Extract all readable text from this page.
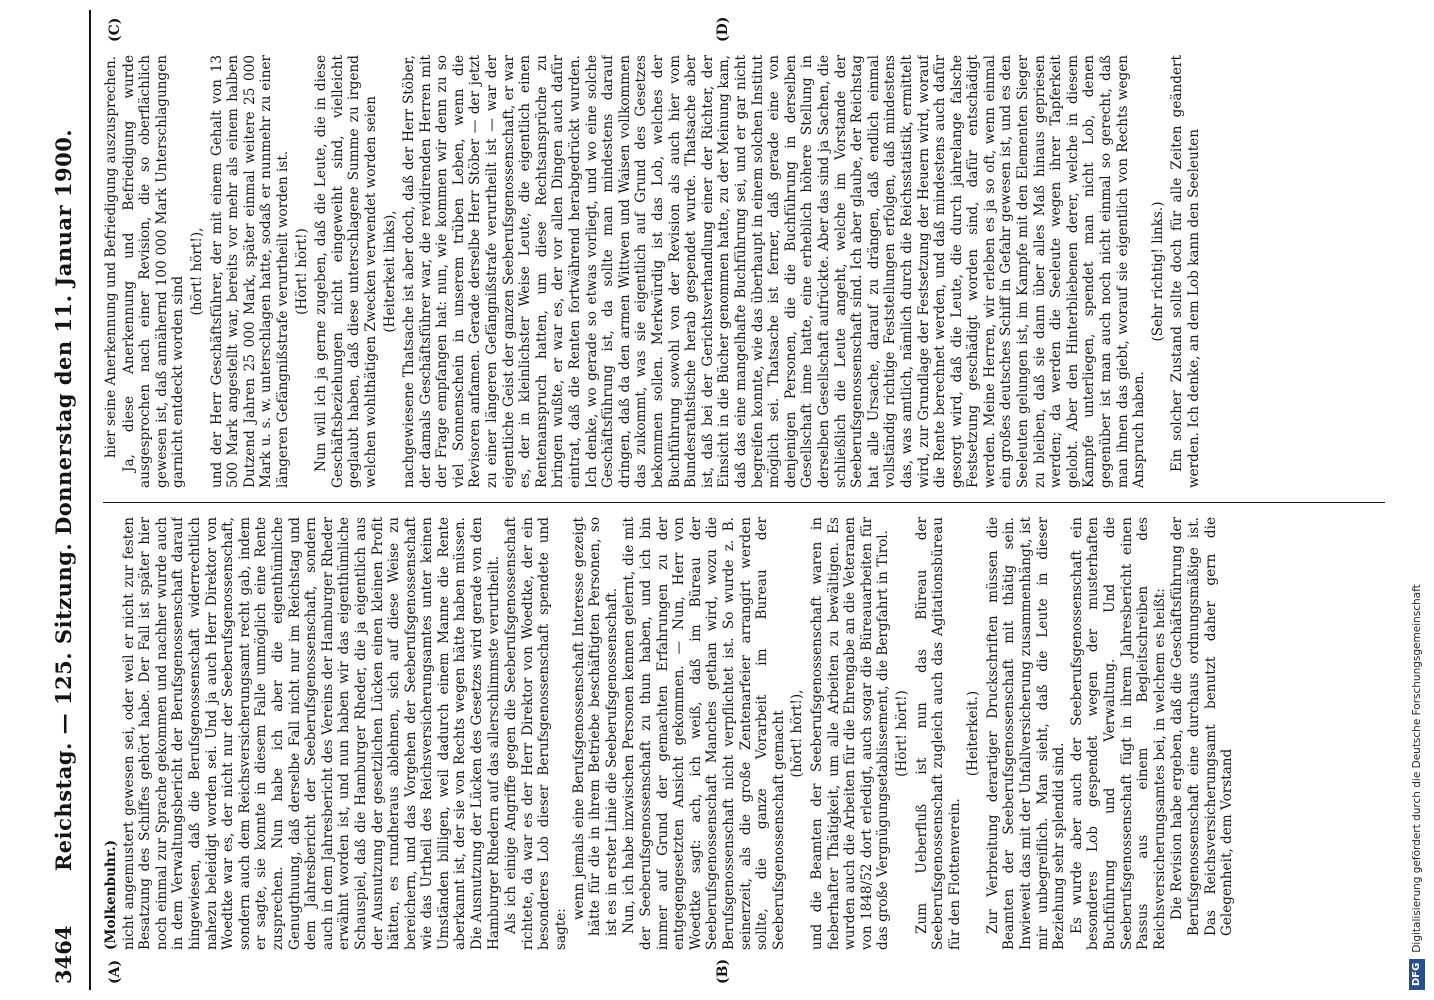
3464
Reichstag. — 125. Sitzung. Donnerstag den 11. Januar 1900.
(A)	(B)
(C)	(D)

(Molkenbuhr.) nicht angemustert gewesen sei, oder weil er nicht zur festen Besatzung des Schiffes gehört habe. Der Fall ist später hier noch einmal zur Sprache gekommen und nachher wurde auch in dem Verwaltungsbericht der Berufsgenossenschaft darauf hingewiesen, daß die Berufsgenossenschaft widerrechtlich nahezu beleidigt worden sei. Und ja auch Herr Direktor von Woedtke war es, der nicht nur der Seeberufsgenossenschaft, sondern auch dem Reichsversicherungsamt recht gab, indem er sagte, sie konnte in diesem Falle unmöglich eine Rente zusprechen. Nun habe ich aber die eigenthümliche Genugthuung, daß derselbe Fall nicht nur im Reichstag und dem Jahresbericht der Seeberufsgenossenschaft, sondern auch in dem Jahresbericht des Vereins der Hamburger Rheder erwähnt worden ist, und nun haben wir das eigenthümliche Schauspiel, daß die Hamburger Rheder, die ja eigentlich aus der Ausnutzung der gesetzlichen Lücken einen kleinen Profit hätten, es rundheraus ablehnen, sich auf diese Weise zu bereichern, und das Vorgehen der Seeberufsgenossenschaft wie das Urtheil des Reichsversicherungsamtes unter keinen Umständen billigen, weil dadurch einem Manne die Rente aberkannt ist, der sie von Rechts wegen hätte haben müssen. Die Ausnutzung der Lücken des Gesetzes wird gerade von den Hamburger Rhedern auf das allerschlimmste verurtheilt. Als ich einige Angriffe gegen die Seeberufsgenossenschaft richtete, da war es der Herr Direktor von Woedtke, der ein besonderes Lob dieser Berufsgenossenschaft spendete und sagte:

wenn jemals eine Berufsgenossenschaft Interesse gezeigt hätte für die in ihrem Betriebe beschäftigten Personen, so ist es in erster Linie die Seeberufsgenossenschaft. Nun, ich habe inzwischen Personen kennen gelernt, die mit der Seeberufsgenossenschaft zu thun haben, und ich bin immer auf Grund der gemachten Erfahrungen zu der entgegengesetzten Ansicht gekommen. — Nun, Herr von Woedtke sagt: ach, ich weiß, daß im Büreau der Seeberufsgenossenschaft Manches gethan wird, wozu die Berufsgenossenschaft nicht verpflichtet ist. So wurde z. B. seinerzeit, als die große Zentenarfeier arrangirt werden sollte, die ganze Vorarbeit im Bureau der Seeberufsgenossenschaft gemacht (hört! hört!), und die Beamten der Seeberufsgenossenschaft waren in fieberhafter Thätigkeit, um alle Arbeiten zu bewältigen. Es wurden auch die Arbeiten für die Ehrengabe an die Veteranen von 1848/52 dort erledigt, auch sogar die Büreauarbeiten für das große Vergnügungsetablissement, die Bergfahrt in Tirol. (Hört! hört!) Zum Ueberfluß ist nun das Büreau der Seeberufsgenossenschaft zugleich auch das Agitationsbüreau für den Flottenverein.

(Heiterkeit.) Zur Verbreitung derartiger Druckschriften müssen die Beamten der Seeberufsgenossenschaft mit thätig sein. Inwieweit das mit der Unfallversicherung zusammenhängt, ist mir unbegreiflich. Man sieht, daß die Leute in dieser Beziehung sehr splendid sind. Es wurde aber auch der Seeberufsgenossenschaft ein besonderes Lob gespendet wegen der musterhaften Buchführung und Verwaltung. Und die Seeberufsgenossenschaft fügt in ihrem Jahresbericht einen Passus aus einem Begleitschreiben des Reichsversicherungsamtes bei, in welchem es heißt: Die Revision habe ergeben, daß die Geschäftsführung der Berufsgenossenschaft eine durchaus ordnungsmäßige ist. Das Reichsversicherungsamt benutzt daher gern die Gelegenheit, dem Vorstand

hier seine Anerkennung und Befriedigung auszusprechen. Ja, diese Anerkennung und Befriedigung wurde ausgesprochen nach einer Revision, die so oberflächlich gewesen ist, daß annähernd 100 000 Mark Unterschlagungen garnicht entdeckt worden sind

(hört! hört!), und der Herr Geschäftsführer, der mit einem Gehalt von 13 500 Mark angestellt war, bereits vor mehr als einem halben Dutzend Jahren 25 000 Mark, später einmal weitere 25 000 Mark u. s. w. unterschlagen hatte, sodaß er nunmehr zu einer längeren Gefängnißstrafe verurtheilt worden ist. (Hört! hört!) Nun will ich ja gerne zugeben, daß die Leute, die in diese Geschäftsbeziehungen nicht eingeweiht sind, vielleicht geglaubt haben, daß diese unterschlagene Summe zu irgend welchen wohlthätigen Zwecken verwendet worden seien (Heiterkeit links), nachgewiesene Thatsache ist aber doch, daß der Herr Stöber, der damals Geschäftsführer war, die revidirenden Herren mit der Frage empfangen hat: nun, wie kommen wir denn zu so viel Sonnenschein in unserem trüben Leben, wenn die Revisoren anfamen. Gerade derselbe Herr Stöber — der jetzt zu einer längeren Gefängnißstrafe verurtheilt ist — war der eigentliche Geist der ganzen Seeberufsgenossenschaft, er war es, der in kleinlichster Weise Leute, die eigentlich einen Rentenanspruch hatten, um diese Rechtsansprüche zu bringen wußte, er war es, der vor allen Dingen auch dafür eintrat, daß die Renten fortwährend herabgedrückt wurden. Ich denke, wo gerade so etwas vorliegt, und wo eine solche Geschäftsführung ist, da sollte man mindestens darauf dringen, daß da den armen Wittwen und Waisen vollkommen das zukommt, was sie eigentlich auf Grund des Gesetzes bekommen sollen. Merkwürdig ist das Lob, welches der Buchführung sowohl von der Revision als auch hier vom Bundesrathstische herab gespendet wurde. Thatsache aber ist, daß bei der Gerichtsverhandlung einer der Richter, der Einsicht in die Bücher genommen hatte, zu der Meinung kam, daß das eine mangelhafte Buchführung sei, und er gar nicht begreifen konnte, wie das überhaupt in einem solchen Institut möglich sei. Thatsache ist ferner, daß gerade eine von denjenigen Personen, die die Buchführung in derselben Gesellschaft inne hatte, eine erheblich höhere Stellung in derselben Gesellschaft aufrückte. Aber das sind ja Sachen, die schließlich die Leute angeht, welche im Vorstande der Seeberufsgenossenschaft sind. Ich aber glaube, der Reichstag hat alle Ursache, darauf zu drängen, daß endlich einmal vollständig richtige Feststellungen erfolgen, daß mindestens das, was amtlich, nämlich durch die Reichsstatistik, ermittelt wird, zur Grundlage der Festsetzung der Heuern wird, worauf die Rente berechnet werden, und daß mindestens auch dafür gesorgt wird, daß die Leute, die durch jahrelange falsche Festsetzung geschädigt worden sind, dafür entschädigt werden. Meine Herren, wir erleben es ja so oft, wenn einmal ein großes deutsches Schiff in Gefahr gewesen ist, und es den Seeleuten gelungen ist, im Kampfe mit den Elementen Sieger zu bleiben, daß sie dann über alles Maß hinaus gepriesen werden; da werden die Seeleute wegen ihrer Tapferkeit gelobt. Aber den Hinterbliebenen derer, welche in diesem Kampfe unterliegen, spendet man nicht Lob, denen gegenüber ist man auch noch nicht einmal so gerecht, daß man ihnen das giebt, worauf sie eigentlich von Rechts wegen Anspruch haben.

(Sehr richtig! links.) Ein solcher Zustand sollte doch für alle Zeiten geändert werden. Ich denke, an dem Lob kann den Seeleuten

DFGDigitalisierung gefördert durch die Deutsche Forschungsgemeinschaft
